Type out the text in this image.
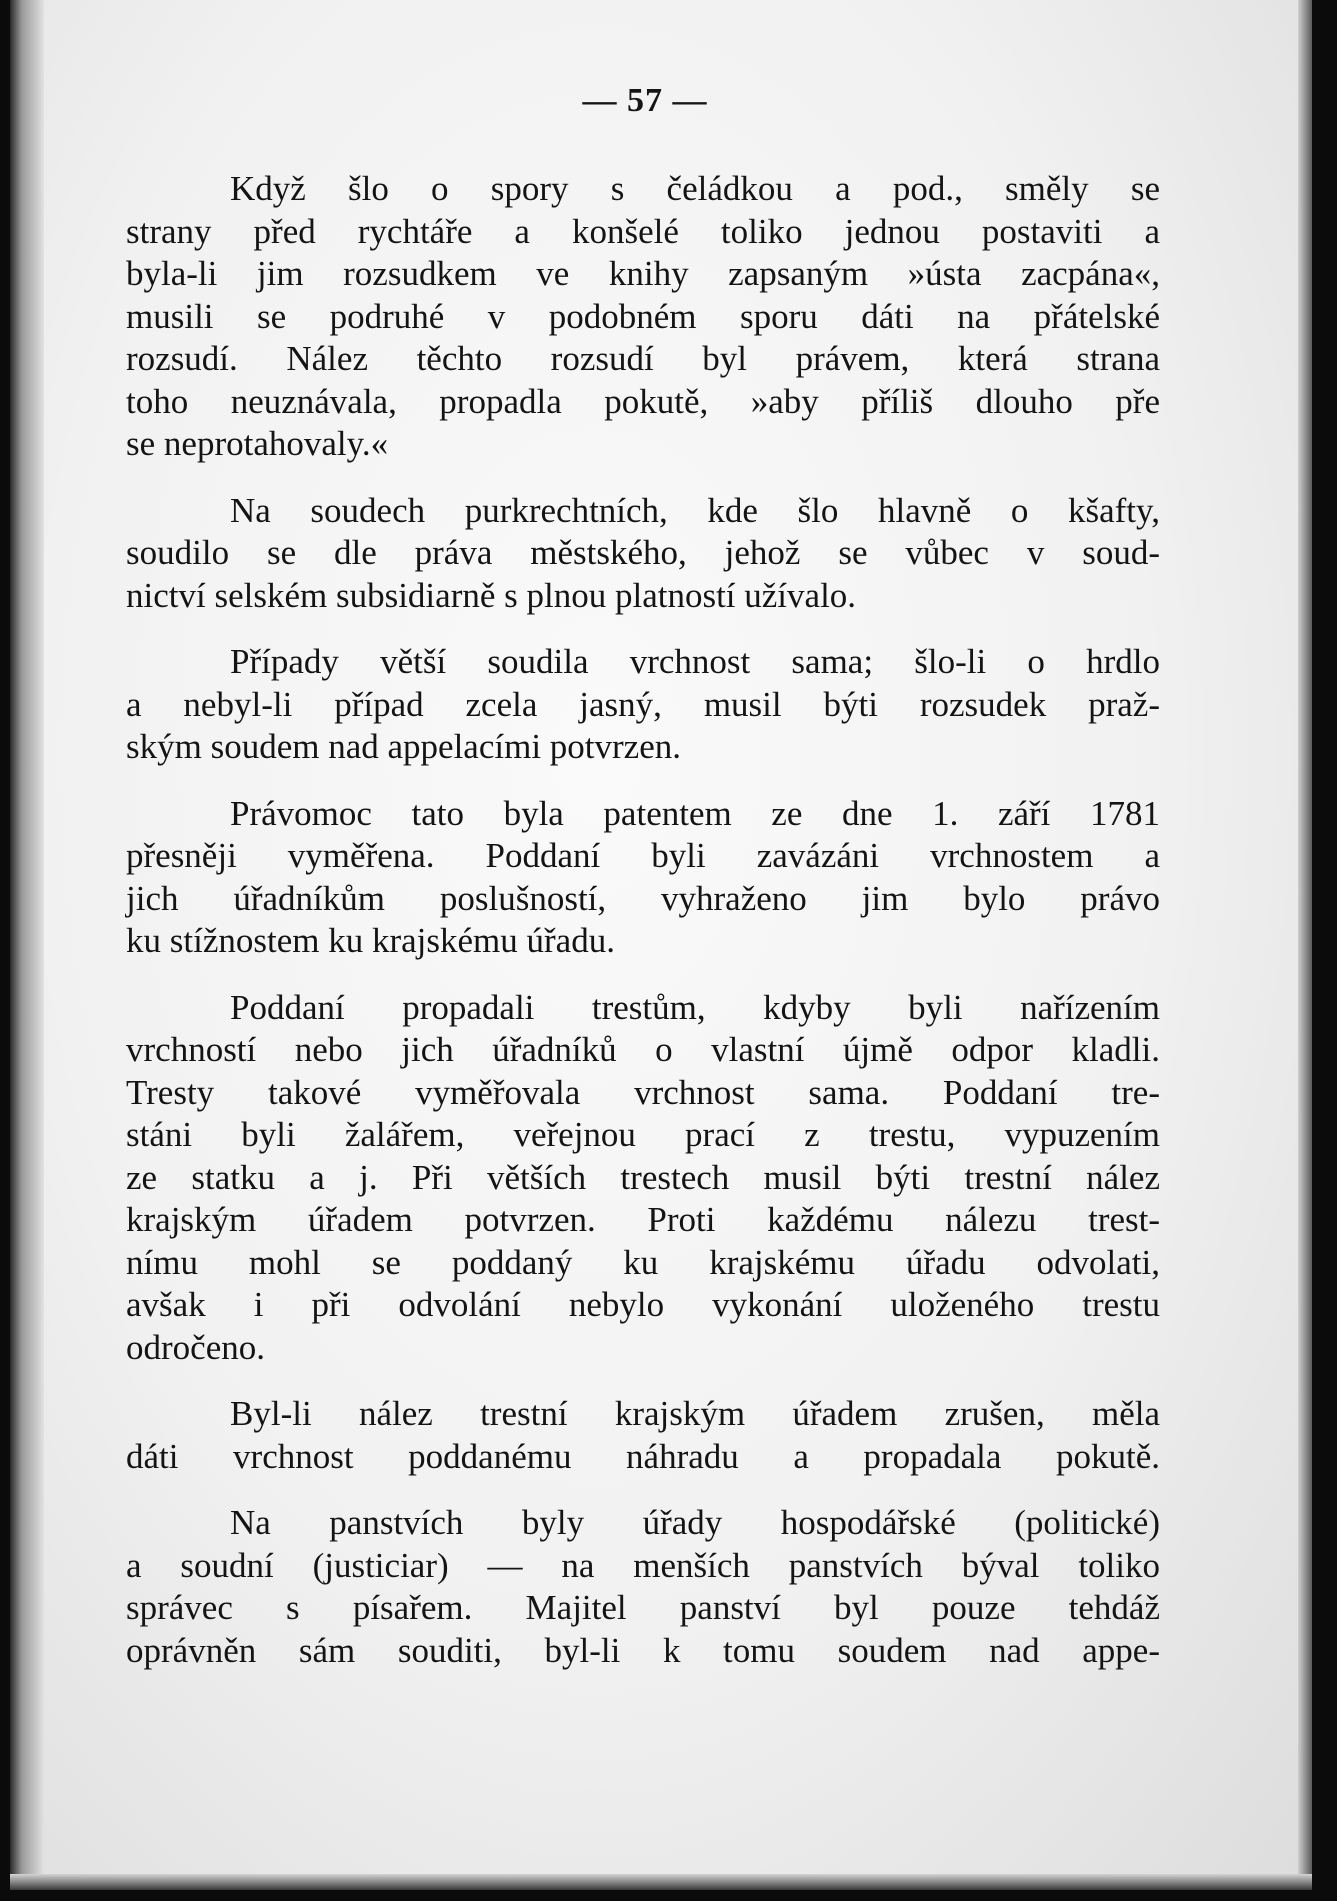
— 57 —
Když šlo o spory s čeládkou a pod., směly se
strany před rychtáře a konšelé toliko jednou postaviti a
byla-li jim rozsudkem ve knihy zapsaným »ústa zacpána«,
musili se podruhé v podobném sporu dáti na přátelské
rozsudí. Nález těchto rozsudí byl právem, která strana
toho neuznávala, propadla pokutě, »aby příliš dlouho pře
se neprotahovaly.«
Na soudech purkrechtních, kde šlo hlavně o kšafty,
soudilo se dle práva městského, jehož se vůbec v soud-
nictví selském subsidiarně s plnou platností užívalo.
Případy větší soudila vrchnost sama; šlo-li o hrdlo
a nebyl-li případ zcela jasný, musil býti rozsudek praž-
ským soudem nad appelacími potvrzen.
Právomoc tato byla patentem ze dne 1. září 1781
přesněji vyměřena. Poddaní byli zavázáni vrchnostem a
jich úřadníkům poslušností, vyhraženo jim bylo právo
ku stížnostem ku krajskému úřadu.
Poddaní propadali trestům, kdyby byli nařízením
vrchností nebo jich úřadníků o vlastní újmě odpor kladli.
Tresty takové vyměřovala vrchnost sama. Poddaní tre-
stáni byli žalářem, veřejnou prací z trestu, vypuzením
ze statku a j. Při větších trestech musil býti trestní nález
krajským úřadem potvrzen. Proti každému nálezu trest-
nímu mohl se poddaný ku krajskému úřadu odvolati,
avšak i při odvolání nebylo vykonání uloženého trestu
odročeno.
Byl-li nález trestní krajským úřadem zrušen, měla
dáti vrchnost poddanému náhradu a propadala pokutě.
Na panstvích byly úřady hospodářské (politické)
a soudní (justiciar) — na menších panstvích býval toliko
správec s písařem. Majitel panství byl pouze tehdáž
oprávněn sám souditi, byl-li k tomu soudem nad appe-
